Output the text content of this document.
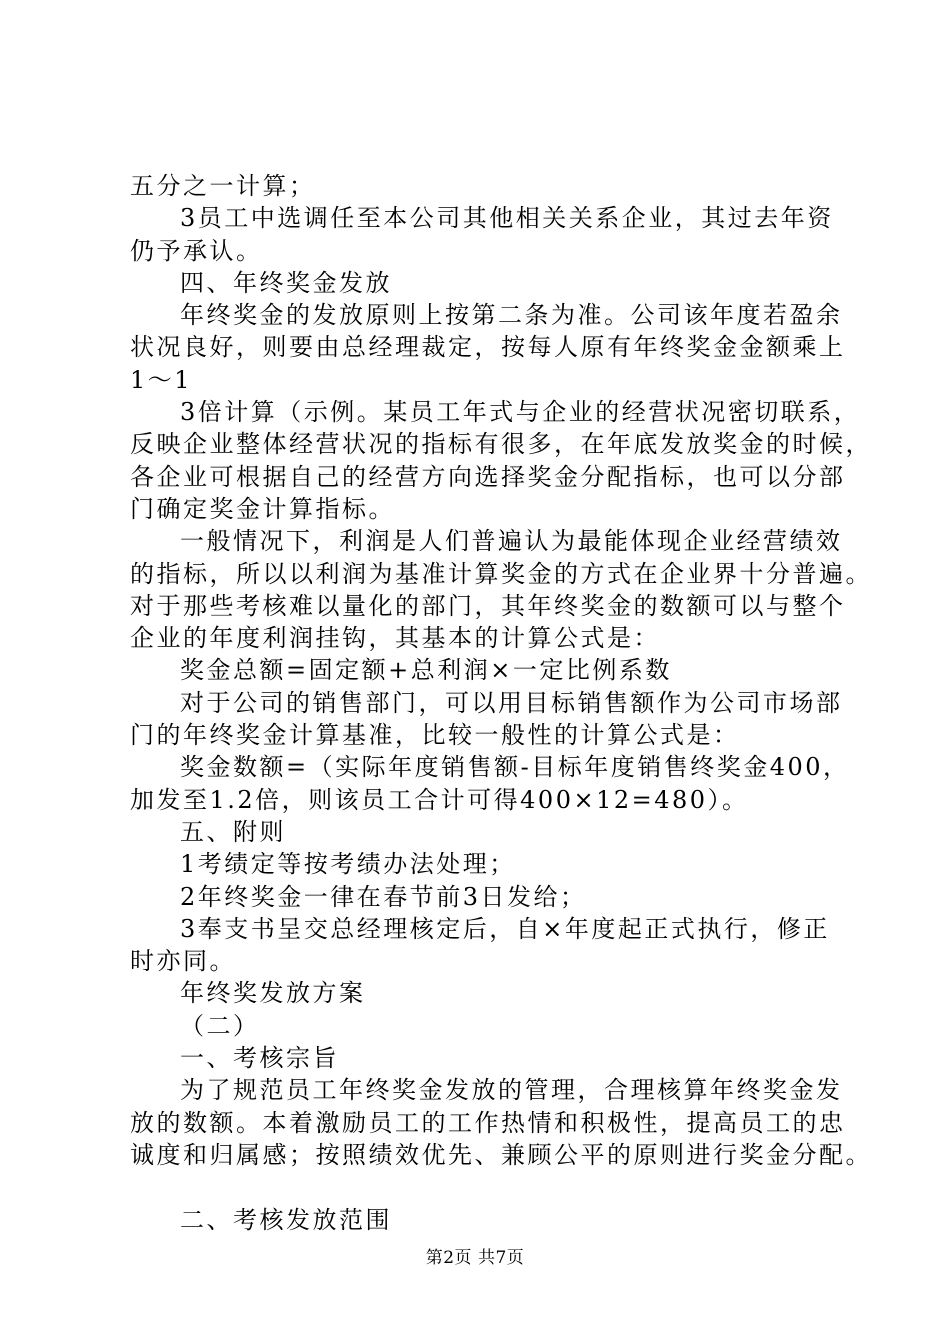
五分之一计算；
3员工中选调任至本公司其他相关关系企业，其过去年资
仍予承认。
四、年终奖金发放
年终奖金的发放原则上按第二条为准。公司该年度若盈余
状况良好，则要由总经理裁定，按每人原有年终奖金金额乘上
1～1
3倍计算（示例。某员工年式与企业的经营状况密切联系，
反映企业整体经营状况的指标有很多，在年底发放奖金的时候，
各企业可根据自己的经营方向选择奖金分配指标，也可以分部
门确定奖金计算指标。
一般情况下，利润是人们普遍认为最能体现企业经营绩效
的指标，所以以利润为基准计算奖金的方式在企业界十分普遍。
对于那些考核难以量化的部门，其年终奖金的数额可以与整个
企业的年度利润挂钩，其基本的计算公式是：
奖金总额=固定额+总利润×一定比例系数
对于公司的销售部门，可以用目标销售额作为公司市场部
门的年终奖金计算基准，比较一般性的计算公式是：
奖金数额=（实际年度销售额-目标年度销售终奖金400，
加发至1.2倍，则该员工合计可得400×12=480）。
五、附则
1考绩定等按考绩办法处理；
2年终奖金一律在春节前3日发给；
3奉支书呈交总经理核定后，自×年度起正式执行，修正
时亦同。
年终奖发放方案
（二）
一、考核宗旨
为了规范员工年终奖金发放的管理，合理核算年终奖金发
放的数额。本着激励员工的工作热情和积极性，提高员工的忠
诚度和归属感；按照绩效优先、兼顾公平的原则进行奖金分配。
二、考核发放范围
第2页 共7页
